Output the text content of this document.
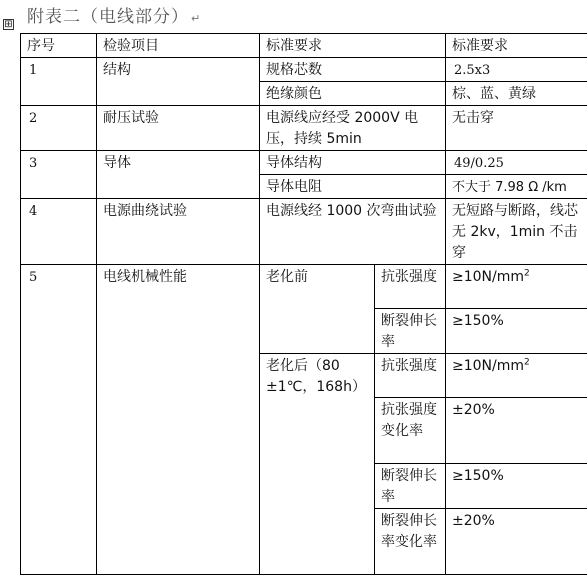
⊞ 附表二（电线部分） ↵
序号	检验项目	标准要求		标准要求
1	结构	规格芯数		2.5x3
		绝缘颜色		棕、蓝、黄绿
2	耐压试验	电源线应经受 2000V 电压，持续 5min		无击穿
3	导体	导体结构		49/0.25
		导体电阻		不大于 7.98 Ω /km
4	电源曲绕试验	电源线经 1000 次弯曲试验		无短路与断路，线芯无 2kv，1min 不击穿
5	电线机械性能	老化前	抗张强度	$\ge 10N/mm^2$
			断裂伸长率	≥150%
		老化后（80±1℃，168h）	抗张强度	$\ge 10N/mm^2$
			抗张强度变化率	±20%
			断裂伸长率	≥150%
			断裂伸长率变化率	±20%
